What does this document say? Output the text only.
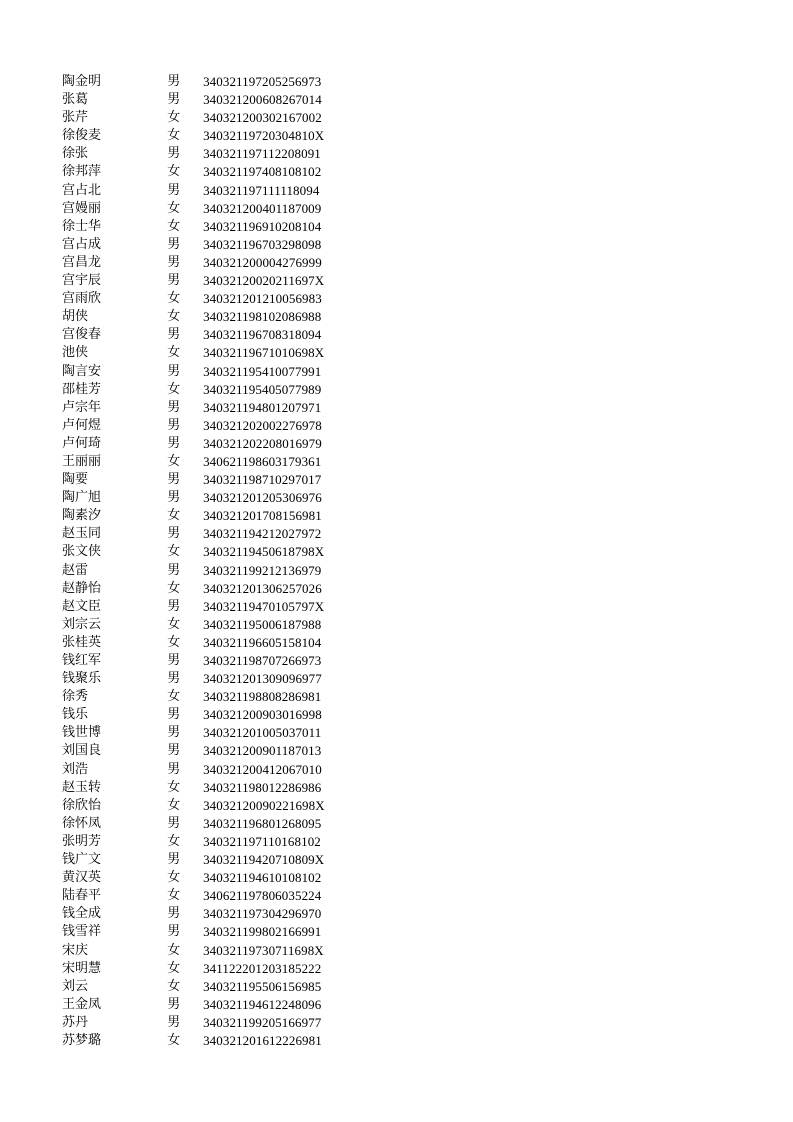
陶金明	男	340321197205256973
张葛	男	340321200608267014
张芹	女	340321200302167002
徐俊麦	女	34032119720304810X
徐张	男	340321197112208091
徐邦萍	女	340321197408108102
宫占北	男	340321197111118094
宫嫚丽	女	340321200401187009
徐士华	女	340321196910208104
宫占成	男	340321196703298098
宫昌龙	男	340321200004276999
宫宇辰	男	34032120020211697X
宫雨欣	女	340321201210056983
胡侠	女	340321198102086988
宫俊春	男	340321196708318094
池侠	女	34032119671010698X
陶言安	男	340321195410077991
邵桂芳	女	340321195405077989
卢宗年	男	340321194801207971
卢何煜	男	340321202002276978
卢何琦	男	340321202208016979
王丽丽	女	340621198603179361
陶要	男	340321198710297017
陶广旭	男	340321201205306976
陶素汐	女	340321201708156981
赵玉同	男	340321194212027972
张文侠	女	34032119450618798X
赵雷	男	340321199212136979
赵静怡	女	340321201306257026
赵文臣	男	34032119470105797X
刘宗云	女	340321195006187988
张桂英	女	340321196605158104
钱红军	男	340321198707266973
钱聚乐	男	340321201309096977
徐秀	女	340321198808286981
钱乐	男	340321200903016998
钱世博	男	340321201005037011
刘国良	男	340321200901187013
刘浩	男	340321200412067010
赵玉转	女	340321198012286986
徐欣怡	女	34032120090221698X
徐怀凤	男	340321196801268095
张明芳	女	340321197110168102
钱广文	男	34032119420710809X
黄汉英	女	340321194610108102
陆春平	女	340621197806035224
钱全成	男	340321197304296970
钱雪祥	男	340321199802166991
宋庆	女	34032119730711698X
宋明慧	女	341122201203185222
刘云	女	340321195506156985
王金凤	男	340321194612248096
苏丹	男	340321199205166977
苏梦璐	女	340321201612226981
